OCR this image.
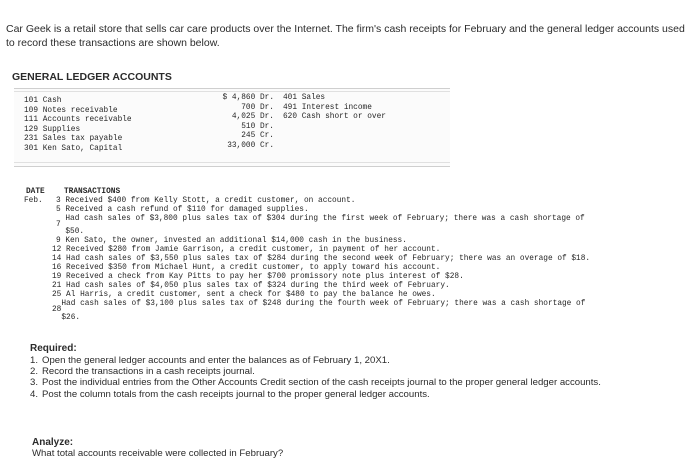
Car Geek is a retail store that sells car care products over the Internet. The firm's cash receipts for February and the general ledger accounts used to record these transactions are shown below.
GENERAL LEDGER ACCOUNTS
101 Cash
109 Notes receivable
111 Accounts receivable
129 Supplies
231 Sales tax payable
301 Ken Sato, Capital
$ 4,860 Dr.
700 Dr.
4,025 Dr.
510 Dr.
245 Cr.
33,000 Cr.
401 Sales
491 Interest income
620 Cash short or over
DATE TRANSACTIONS
Feb.	3 Received $400 from Kelly Stott, a credit customer, on account.
5 Received a cash refund of $110 for damaged supplies.
Had cash sales of $3,800 plus sales tax of $304 during the first week of February; there was a cash shortage of
7
$50.
9 Ken Sato, the owner, invested an additional $14,000 cash in the business.
12 Received $280 from Jamie Garrison, a credit customer, in payment of her account.
14 Had cash sales of $3,550 plus sales tax of $284 during the second week of February; there was an overage of $18.
16 Received $350 from Michael Hunt, a credit customer, to apply toward his account.
19 Received a check from Kay Pitts to pay her $700 promissory note plus interest of $28.
21 Had cash sales of $4,050 plus sales tax of $324 during the third week of February.
25 Al Harris, a credit customer, sent a check for $480 to pay the balance he owes.
Had cash sales of $3,100 plus sales tax of $248 during the fourth week of February; there was a cash shortage of
28
$26.
Required:
1. Open the general ledger accounts and enter the balances as of February 1, 20X1.
2. Record the transactions in a cash receipts journal.
3. Post the individual entries from the Other Accounts Credit section of the cash receipts journal to the proper general ledger accounts.
4. Post the column totals from the cash receipts journal to the proper general ledger accounts.
Analyze:
What total accounts receivable were collected in February?
